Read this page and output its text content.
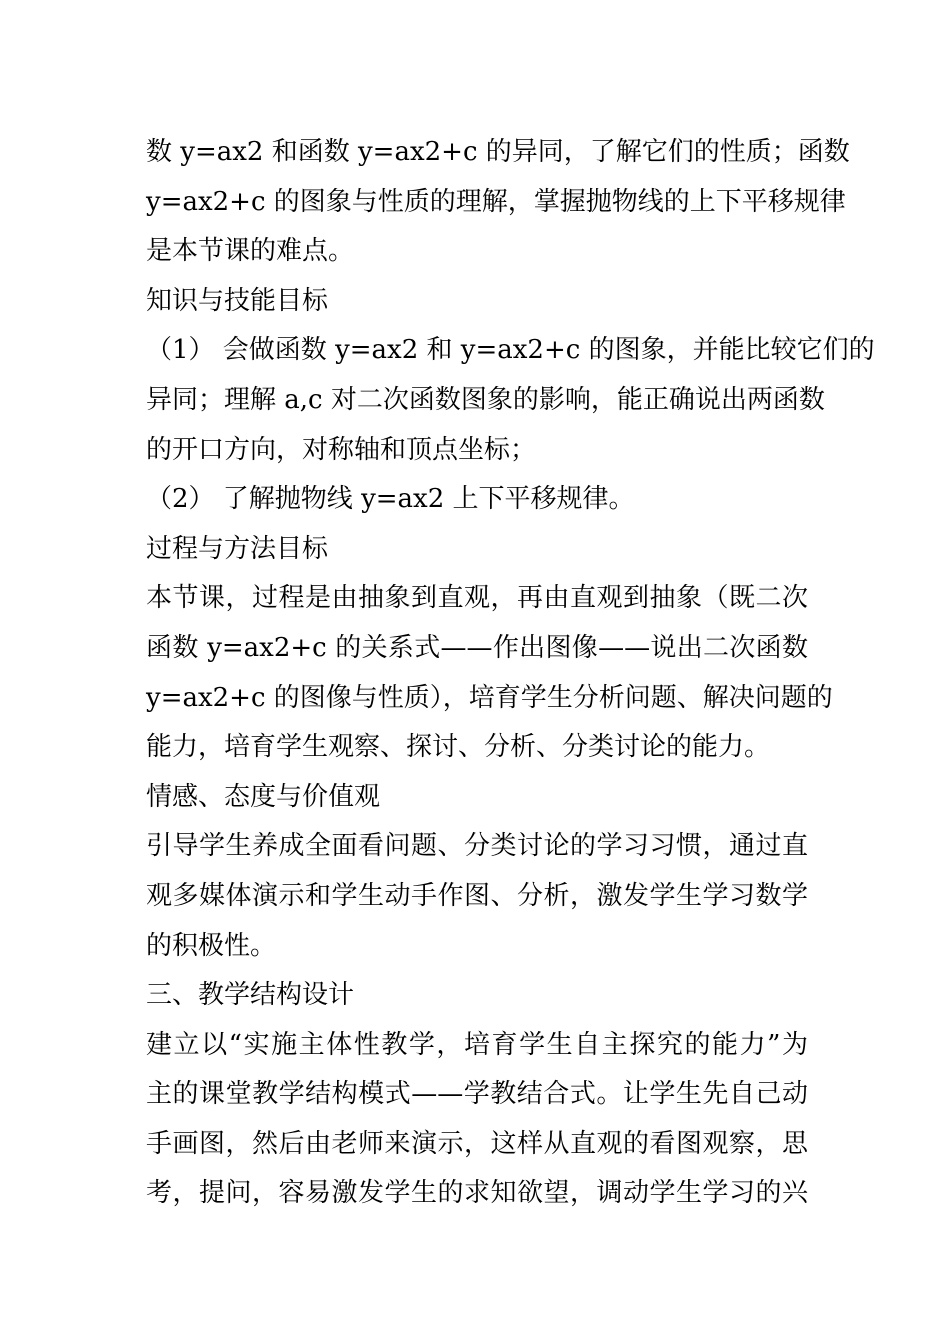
数 y=ax2 和函数 y=ax2+c 的异同，了解它们的性质；函数
y=ax2+c 的图象与性质的理解，掌握抛物线的上下平移规律
是本节课的难点。
知识与技能目标
（1） 会做函数 y=ax2 和 y=ax2+c 的图象，并能比较它们的
异同；理解 a,c 对二次函数图象的影响，能正确说出两函数
的开口方向，对称轴和顶点坐标；
（2） 了解抛物线 y=ax2 上下平移规律。
过程与方法目标
本节课，过程是由抽象到直观，再由直观到抽象（既二次
函数 y=ax2+c 的关系式——作出图像——说出二次函数
y=ax2+c 的图像与性质），培育学生分析问题、解决问题的
能力，培育学生观察、探讨、分析、分类讨论的能力。
情感、态度与价值观
引导学生养成全面看问题、分类讨论的学习习惯，通过直
观多媒体演示和学生动手作图、分析，激发学生学习数学
的积极性。
三、教学结构设计
建立以“实施主体性教学，培育学生自主探究的能力”为
主的课堂教学结构模式——学教结合式。让学生先自己动
手画图，然后由老师来演示，这样从直观的看图观察，思
考，提问，容易激发学生的求知欲望，调动学生学习的兴
